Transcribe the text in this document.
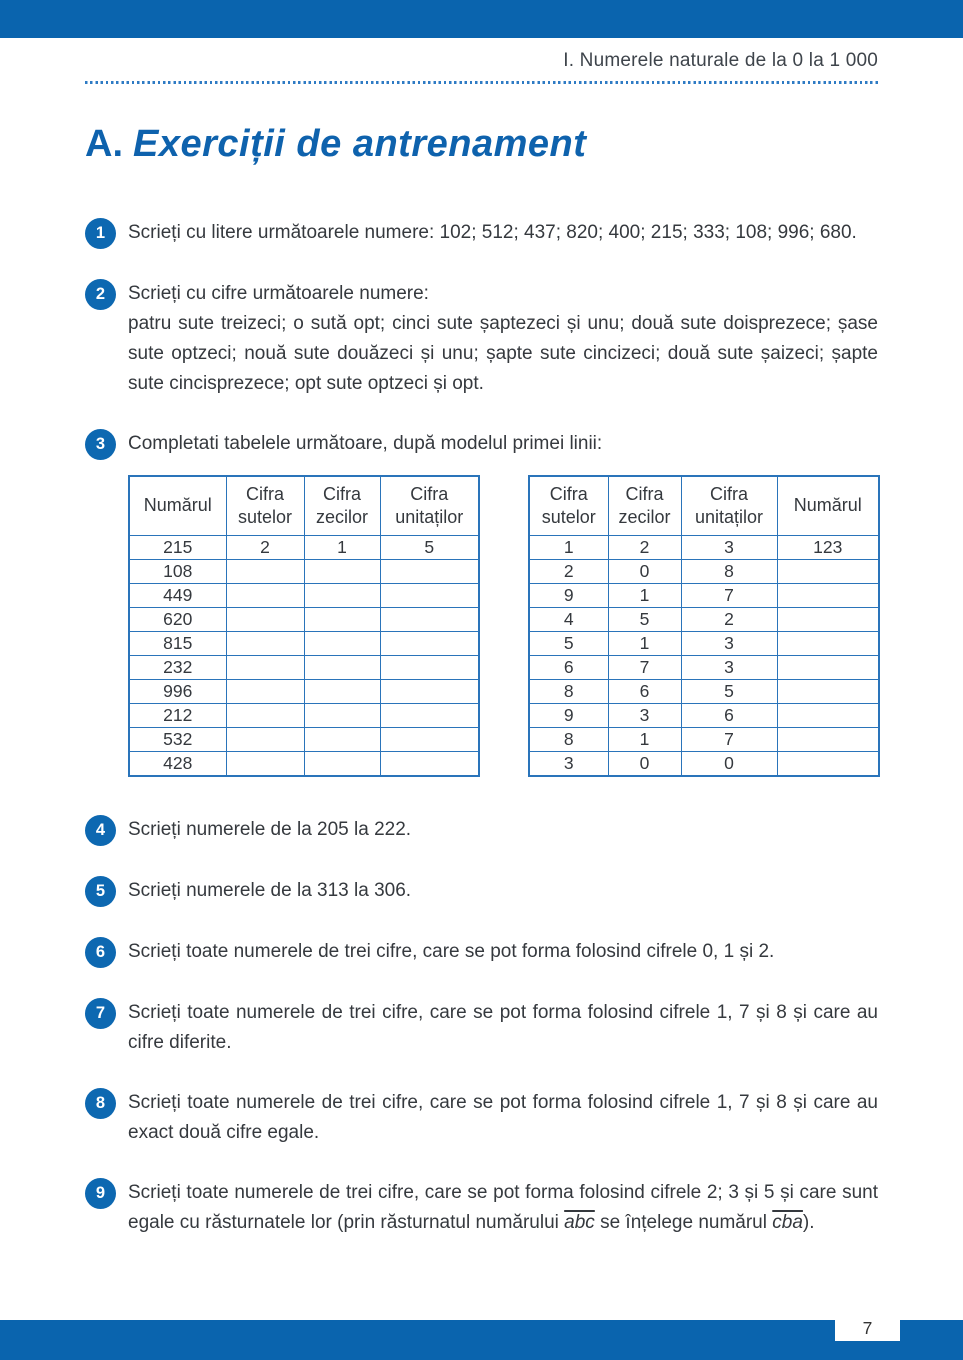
I. Numerele naturale de la 0 la 1 000
A. Exerciții de antrenament
1	Scrieți cu litere următoarele numere: 102; 512; 437; 820; 400; 215; 333; 108; 996; 680.

2	Scrieți cu cifre următoarele numere:

patru sute treizeci; o sută opt; cinci sute șaptezeci și unu; două sute doisprezece; șase sute optzeci; nouă sute douăzeci și unu; șapte sute cincizeci; două sute șaizeci; șapte sute cincisprezece; opt sute optzeci și opt.

3	Completati tabelele următoare, după modelul primei linii:

Numărul	Cifra sutelor	Cifra zecilor	Cifra unitaților
215	2	1	5
108			
449			
620			
815			
232			
996			
212			
532			
428			
Cifra sutelor	Cifra zecilor	Cifra unitaților	Numărul
1	2	3	123
2	0	8	
9	1	7	
4	5	2	
5	1	3	
6	7	3	
8	6	5	
9	3	6	
8	1	7	
3	0	0	
4	Scrieți numerele de la 205 la 222.

5	Scrieți numerele de la 313 la 306.

6	Scrieți toate numerele de trei cifre, care se pot forma folosind cifrele 0, 1 și 2.

7	Scrieți toate numerele de trei cifre, care se pot forma folosind cifrele 1, 7 și 8 și care au cifre diferite.

8	Scrieți toate numerele de trei cifre, care se pot forma folosind cifrele 1, 7 și 8 și care au exact două cifre egale.

9	Scrieți toate numerele de trei cifre, care se pot forma folosind cifrele 2; 3 și 5 și care sunt egale cu răsturnatele lor (prin răsturnatul numărului $\overline{abc}$ se înțelege numărul $\overline{cba}$).

7
